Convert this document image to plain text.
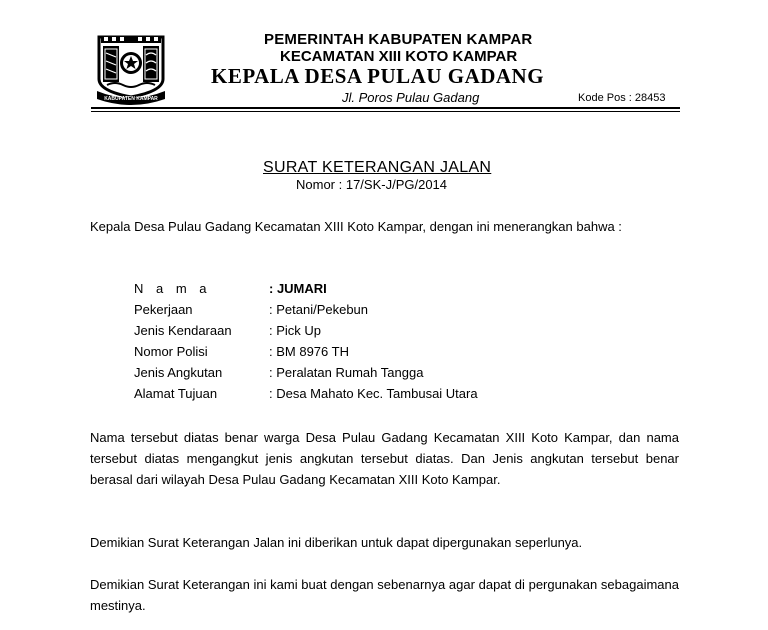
KABUPATEN KAMPAR
PEMERINTAH KABUPATEN KAMPAR
KECAMATAN XIII KOTO KAMPAR
KEPALA DESA PULAU GADANG
Jl. Poros Pulau Gadang	Kode Pos : 28453
SURAT KETERANGAN JALAN
Nomor : 17/SK-J/PG/2014
Kepala Desa Pulau Gadang Kecamatan XIII Koto Kampar, dengan ini menerangkan bahwa :
N a m a	: JUMARI
Pekerjaan	: Petani/Pekebun
Jenis Kendaraan	: Pick Up
Nomor Polisi	: BM 8976 TH
Jenis Angkutan	: Peralatan Rumah Tangga
Alamat Tujuan	: Desa Mahato Kec. Tambusai Utara
Nama tersebut diatas benar warga Desa Pulau Gadang Kecamatan XIII Koto Kampar, dan nama tersebut diatas mengangkut jenis angkutan tersebut diatas. Dan Jenis angkutan tersebut benar berasal dari wilayah Desa Pulau Gadang Kecamatan XIII Koto Kampar.
Demikian Surat Keterangan Jalan ini diberikan untuk dapat dipergunakan seperlunya.
Demikian Surat Keterangan ini kami buat dengan sebenarnya agar dapat di pergunakan sebagaimana mestinya.
